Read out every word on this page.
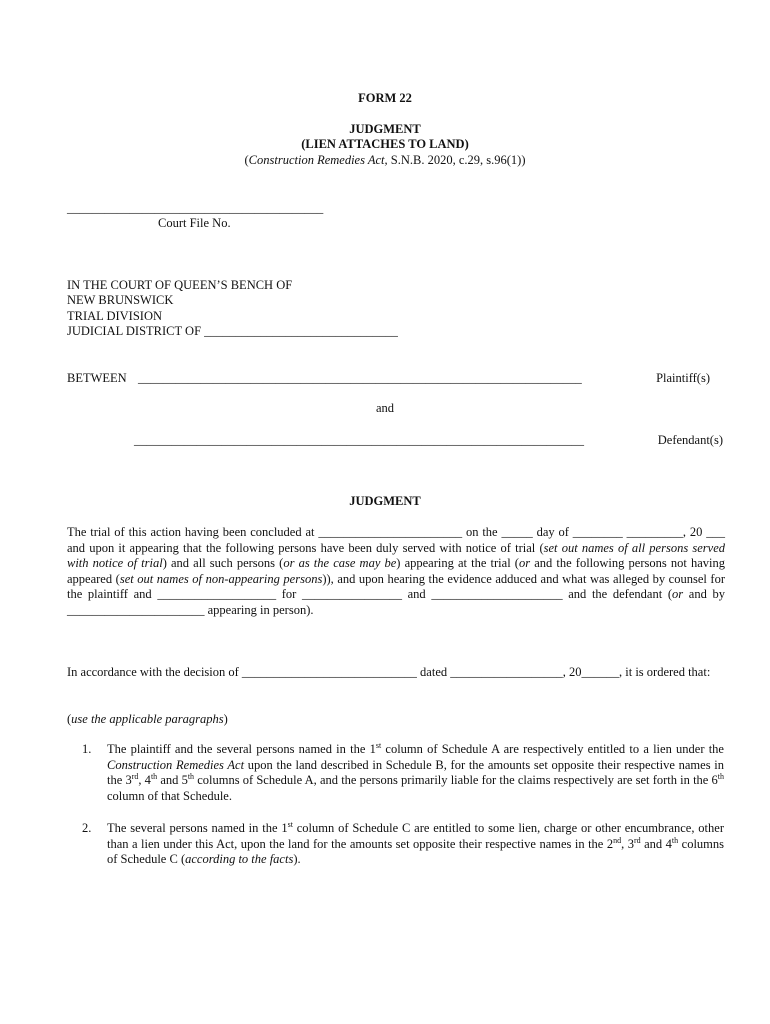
FORM 22
JUDGMENT
(LIEN ATTACHES TO LAND)
(Construction Remedies Act, S.N.B. 2020, c.29, s.96(1))
_________________________________________
Court File No.
IN THE COURT OF QUEEN’S BENCH OF
NEW BRUNSWICK
TRIAL DIVISION
JUDICIAL DISTRICT OF _______________________________
BETWEEN _______________________________________________________________________	Plaintiff(s)
and
________________________________________________________________________	Defendant(s)
JUDGMENT

The trial of this action having been concluded at _______________________ on the _____ day of ________ _________, 20 ___ and upon it appearing that the following persons have been duly served with notice of trial (set out names of all persons served with notice of trial) and all such persons (or as the case may be) appearing at the trial (or and the following persons not having appeared (set out names of non-appearing persons)), and upon hearing the evidence adduced and what was alleged by counsel for the plaintiff and ___________________ for ________________ and _____________________ and the defendant (or and by ______________________ appearing in person).

In accordance with the decision of ____________________________ dated __________________, 20______, it is ordered that:

(use the applicable paragraphs)
1. The plaintiff and the several persons named in the 1st column of Schedule A are respectively entitled to a lien under the Construction Remedies Act upon the land described in Schedule B, for the amounts set opposite their respective names in the 3rd, 4th and 5th columns of Schedule A, and the persons primarily liable for the claims respectively are set forth in the 6th column of that Schedule.

2. The several persons named in the 1st column of Schedule C are entitled to some lien, charge or other encumbrance, other than a lien under this Act, upon the land for the amounts set opposite their respective names in the 2nd, 3rd and 4th columns of Schedule C (according to the facts).
